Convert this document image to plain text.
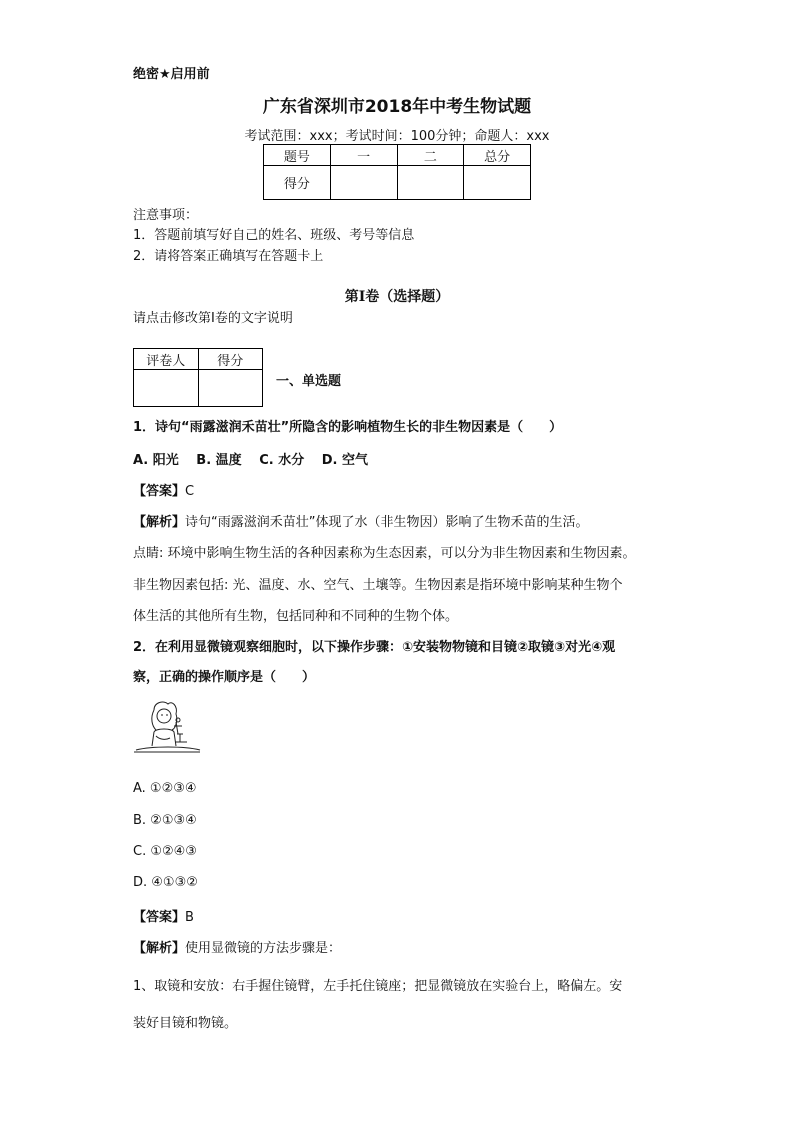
绝密★启用前
广东省深圳市2018年中考生物试题
考试范围：xxx；考试时间：100分钟；命题人：xxx
题号	一	二	总分
得分			
注意事项：
1．答题前填写好自己的姓名、班级、考号等信息
2．请将答案正确填写在答题卡上
第I卷（选择题）
请点击修改第I卷的文字说明
评卷人	得分

一、单选题
1．诗句“雨露滋润禾苗壮”所隐含的影响植物生长的非生物因素是（　　）
A. 阳光　 B. 温度　 C. 水分　 D. 空气
【答案】C
【解析】诗句“雨露滋润禾苗壮”体现了水（非生物因）影响了生物禾苗的生活。
点睛: 环境中影响生物生活的各种因素称为生态因素，可以分为非生物因素和生物因素。
非生物因素包括: 光、温度、水、空气、土壤等。生物因素是指环境中影响某种生物个
体生活的其他所有生物，包括同种和不同种的生物个体。
2．在利用显微镜观察细胞时，以下操作步骤：①安装物物镜和目镜②取镜③对光④观
察，正确的操作顺序是（　　）
A. ①②③④
B. ②①③④
C. ①②④③
D. ④①③②
【答案】B
【解析】使用显微镜的方法步骤是：
1、取镜和安放：右手握住镜臂，左手托住镜座；把显微镜放在实验台上，略偏左。安
装好目镜和物镜。
